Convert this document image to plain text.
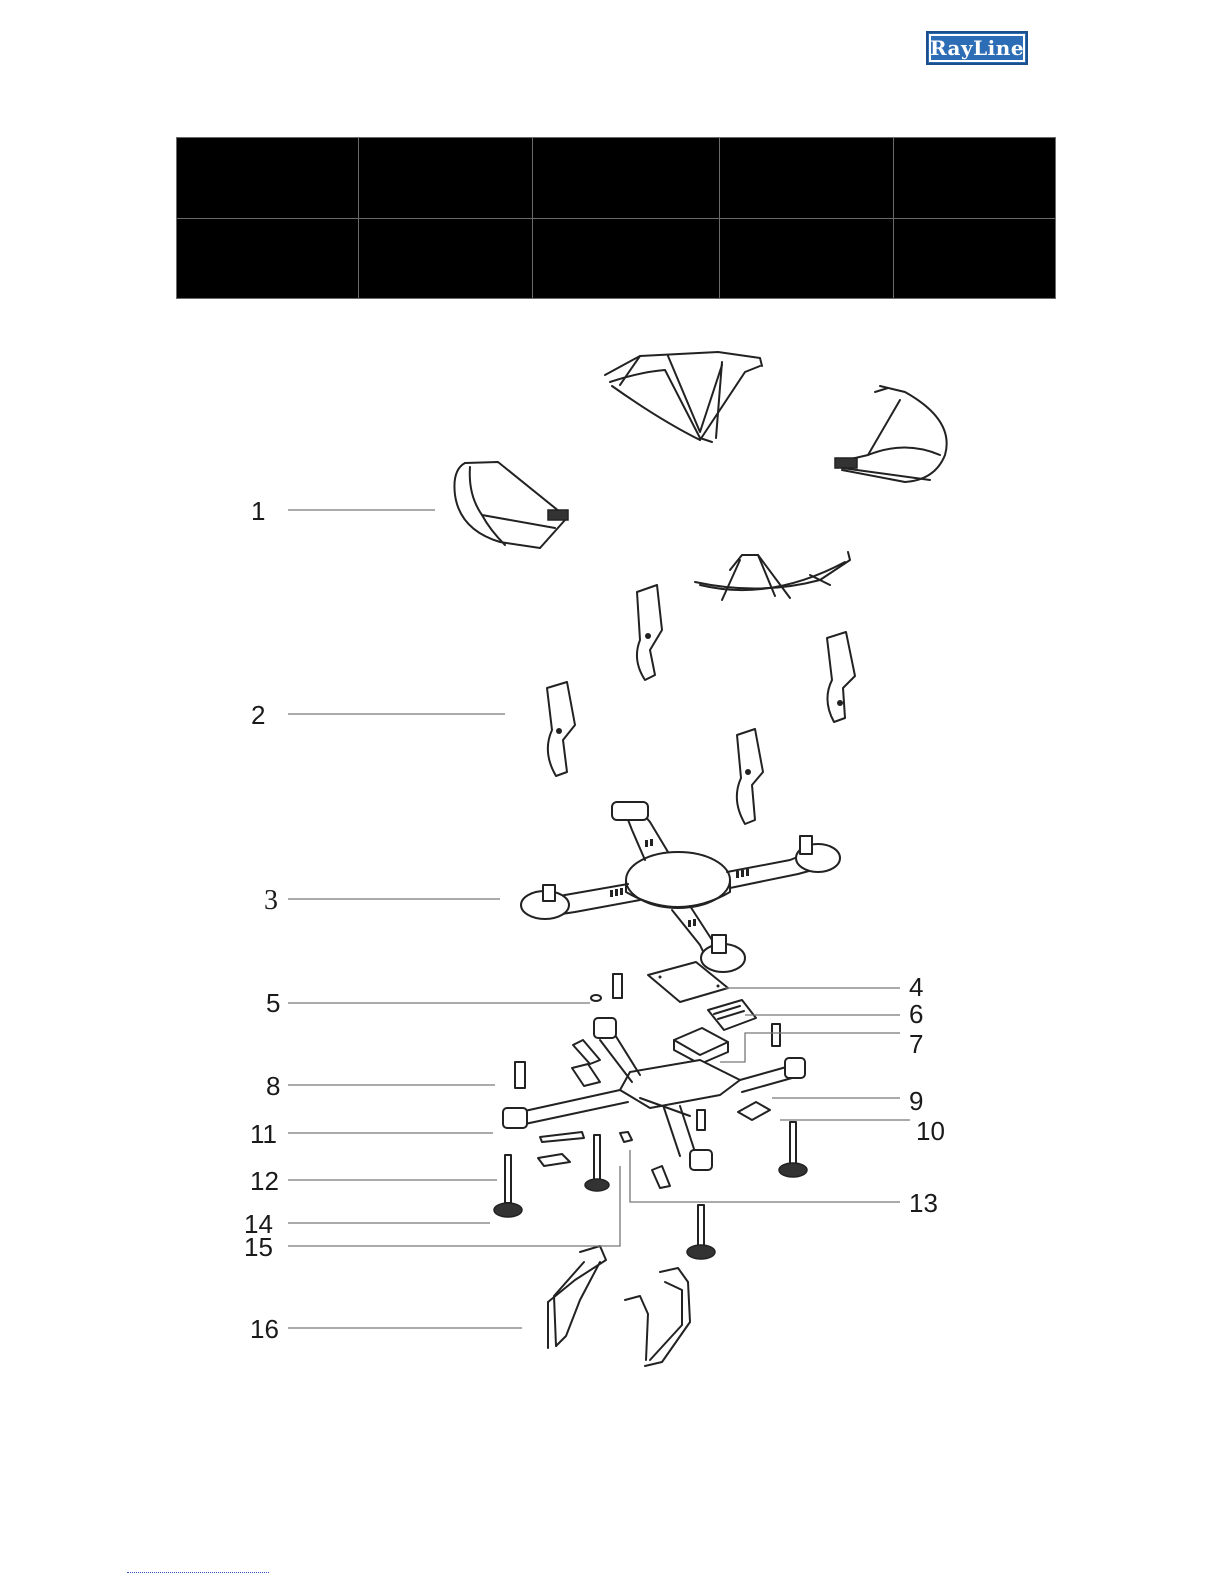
RayLine

1
2
3
4
5	6
7
8	9
10
11
12
13
14
15
16
